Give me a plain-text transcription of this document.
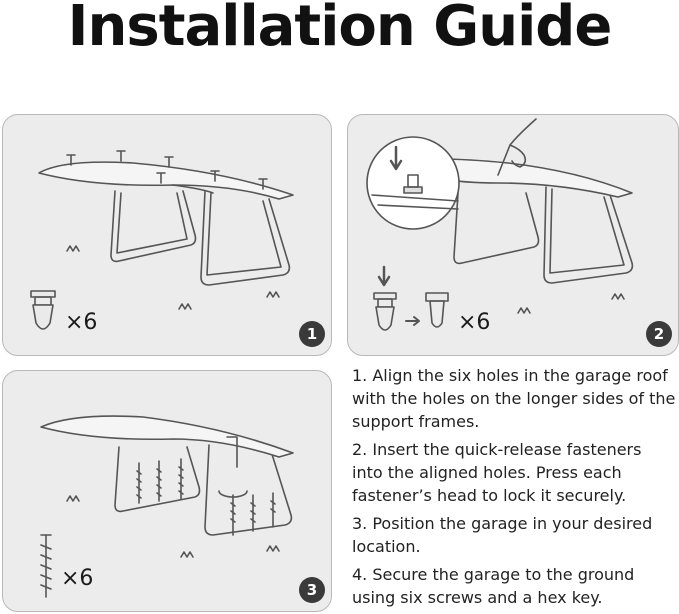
Installation Guide
×6	1	×6	2
×6	3
1. Align the six holes in the garage roof with the holes on the longer sides of the support frames.
2. Insert the quick-release fasteners into the aligned holes. Press each fastener’s head to lock it securely.
3. Position the garage in your desired location.
4. Secure the garage to the ground using six screws and a hex key.
